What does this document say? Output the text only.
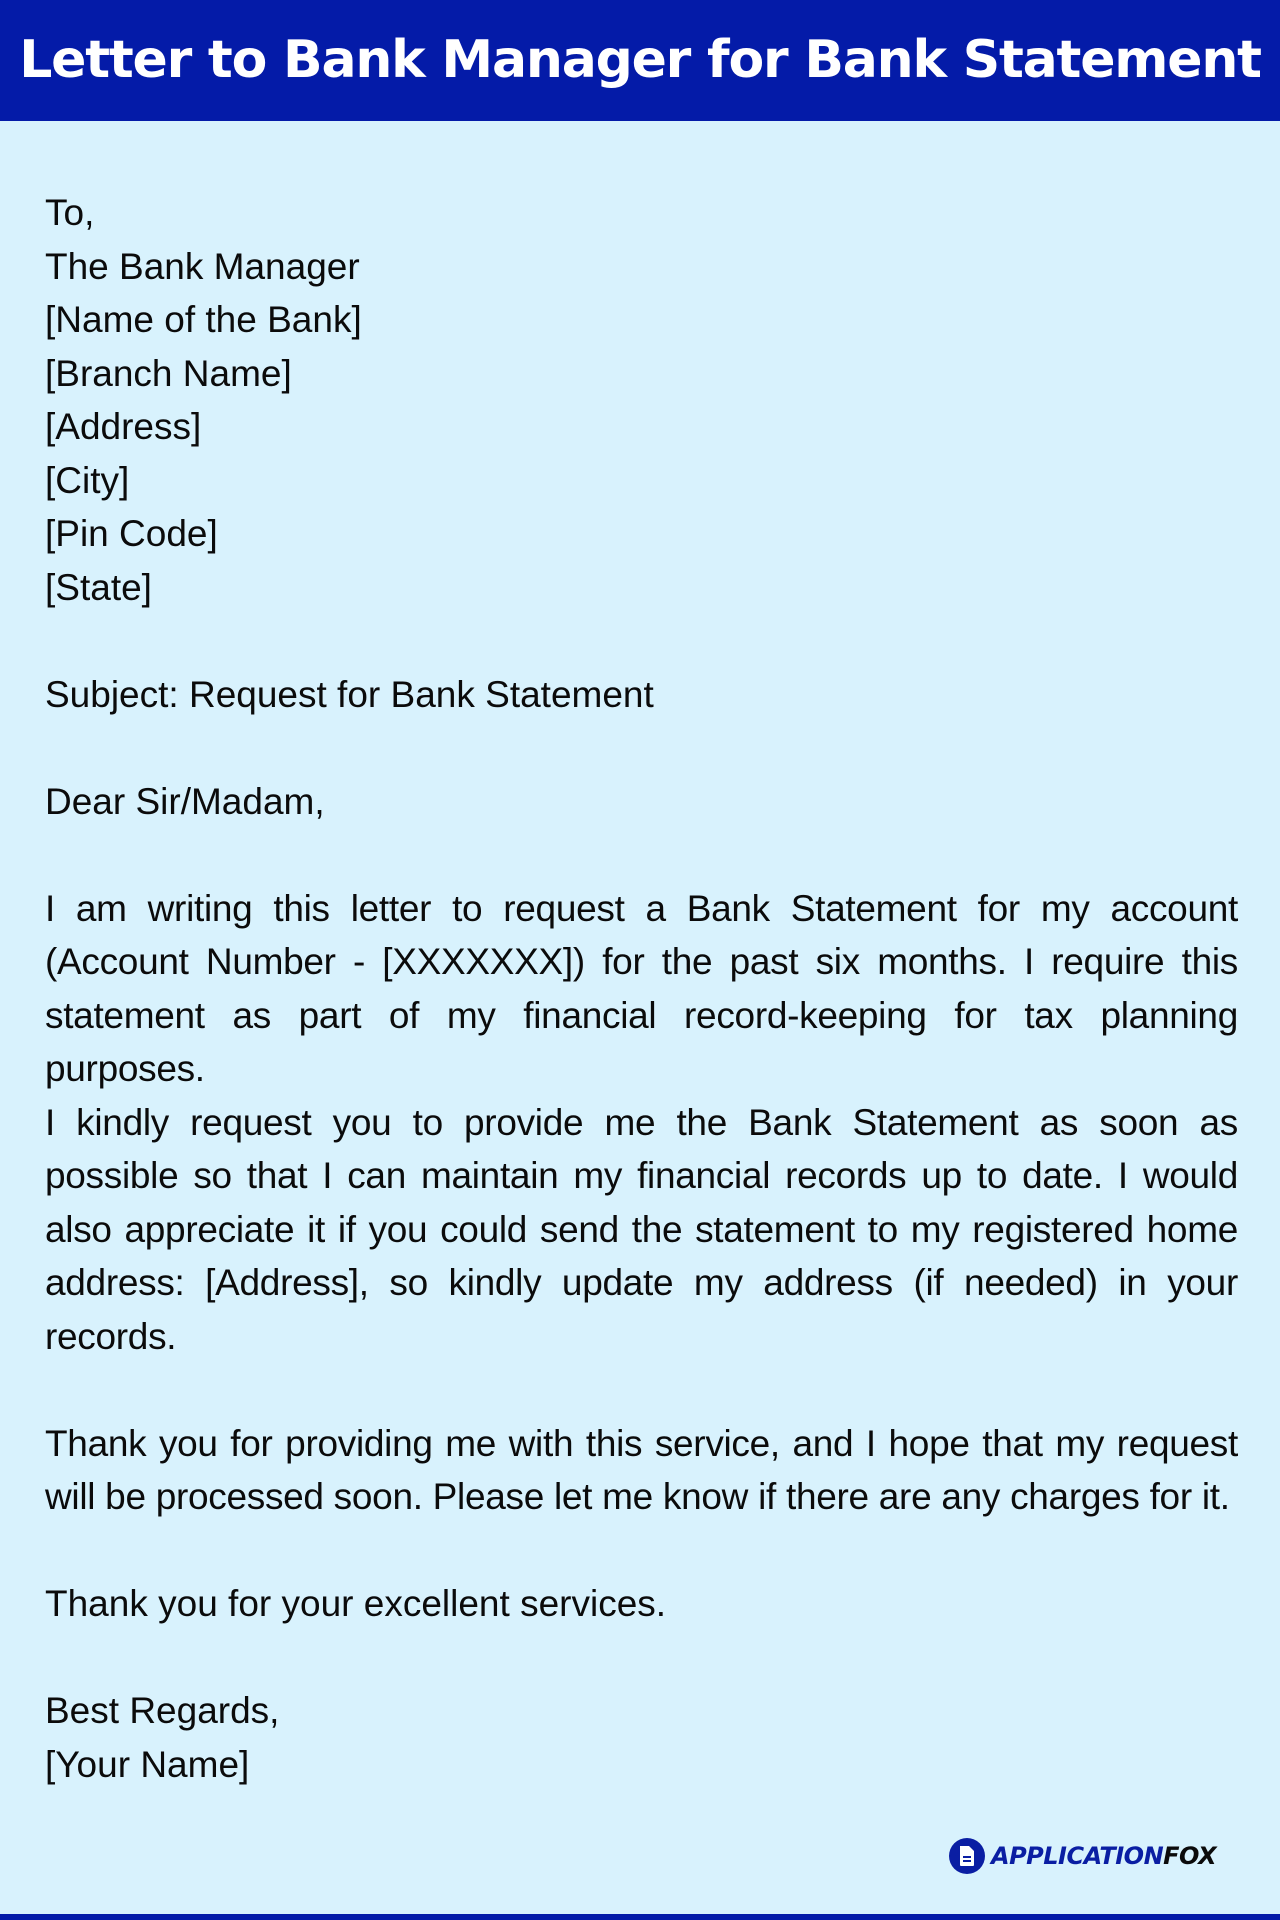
Letter to Bank Manager for Bank Statement
To,
The Bank Manager
[Name of the Bank]
[Branch Name]
[Address]
[City]
[Pin Code]
[State]
Subject: Request for Bank Statement
Dear Sir/Madam,
I am writing this letter to request a Bank Statement for my account (Account Number - [XXXXXXX]) for the past six months. I require this statement as part of my financial record-keeping for tax planning purposes.
I kindly request you to provide me the Bank Statement as soon as possible so that I can maintain my financial records up to date. I would also appreciate it if you could send the statement to my registered home address: [Address], so kindly update my address (if needed) in your records.
Thank you for providing me with this service, and I hope that my request will be processed soon. Please let me know if there are any charges for it.
Thank you for your excellent services.
Best Regards,
[Your Name]
APPLICATIONFOX
